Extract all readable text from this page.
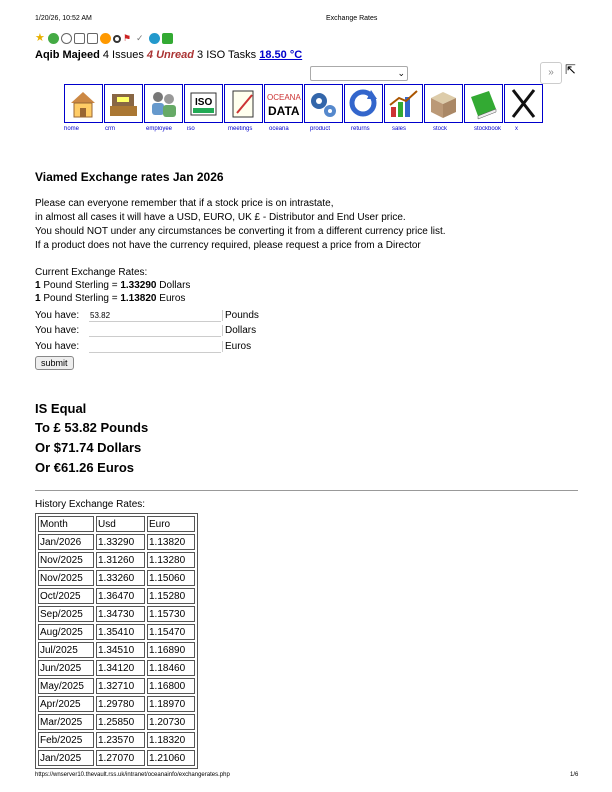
1/20/26, 10:52 AM	Exchange Rates
★	⚑ ✓
Aqib Majeed 4 Issues 4 Unread 3 ISO Tasks 18.50 °C
⌄	» ⇱
ISO	OCEANA
DATA
home	crm	employee	iso	meetings	oceana	product	returns	sales	stock	stockbook	x
Viamed Exchange rates Jan 2026
Please can everyone remember that if a stock price is on intrastate,
in almost all cases it will have a USD, EURO, UK £ - Distributor and End User price.
You should NOT under any circumstances be converting it from a different currency price list.
If a product does not have the currency required, please request a price from a Director
Current Exchange Rates:
1 Pound Sterling = 1.33290 Dollars
1 Pound Sterling = 1.13820 Euros
You have:
53.82	Pounds
You have:	Dollars
You have:	Euros
submit
IS Equal
To £ 53.82 Pounds
Or $71.74 Dollars
Or €61.26 Euros
History Exchange Rates:
Month	Usd	Euro
Jan/2026	1.33290	1.13820
Nov/2025	1.31260	1.13280
Nov/2025	1.33260	1.15060
Oct/2025	1.36470	1.15280
Sep/2025	1.34730	1.15730
Aug/2025	1.35410	1.15470
Jul/2025	1.34510	1.16890
Jun/2025	1.34120	1.18460
May/2025	1.32710	1.16800
Apr/2025	1.29780	1.18970
Mar/2025	1.25850	1.20730
Feb/2025	1.23570	1.18320
Jan/2025	1.27070	1.21060
https://wnserver10.thevault.rss.uk/intranet/oceanainfo/exchangerates.php	1/6
